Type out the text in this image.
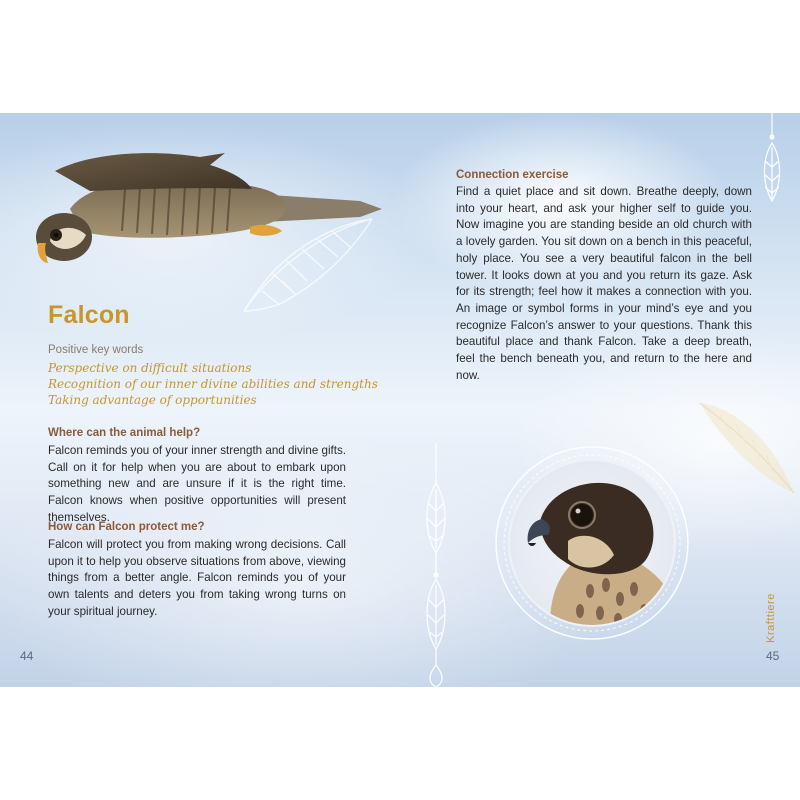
Falcon
Positive key words
Perspective on difficult situations
Recognition of our inner divine abilities and strengths
Taking advantage of opportunities
Where can the animal help?
Falcon reminds you of your inner strength and divine gifts. Call on it for help when you are about to embark upon something new and are unsure if it is the right time. Falcon knows when positive opportunities will present themselves.
How can Falcon protect me?
Falcon will protect you from making wrong decisions. Call upon it to help you observe situations from above, viewing things from a better angle. Falcon reminds you of your own talents and deters you from taking wrong turns on your spiritual journey.
44
Connection exercise
Find a quiet place and sit down. Breathe deeply, down into your heart, and ask your higher self to guide you. Now imagine you are standing beside an old church with a lovely garden. You sit down on a bench in this peaceful, holy place. You see a very beautiful falcon in the bell tower. It looks down at you and you return its gaze. Ask for its strength; feel how it makes a connection with you. An image or symbol forms in your mind’s eye and you recognize Falcon’s answer to your questions. Thank this beautiful place and thank Falcon. Take a deep breath, feel the bench beneath you, and return to the here and now.
Krafttiere
45
